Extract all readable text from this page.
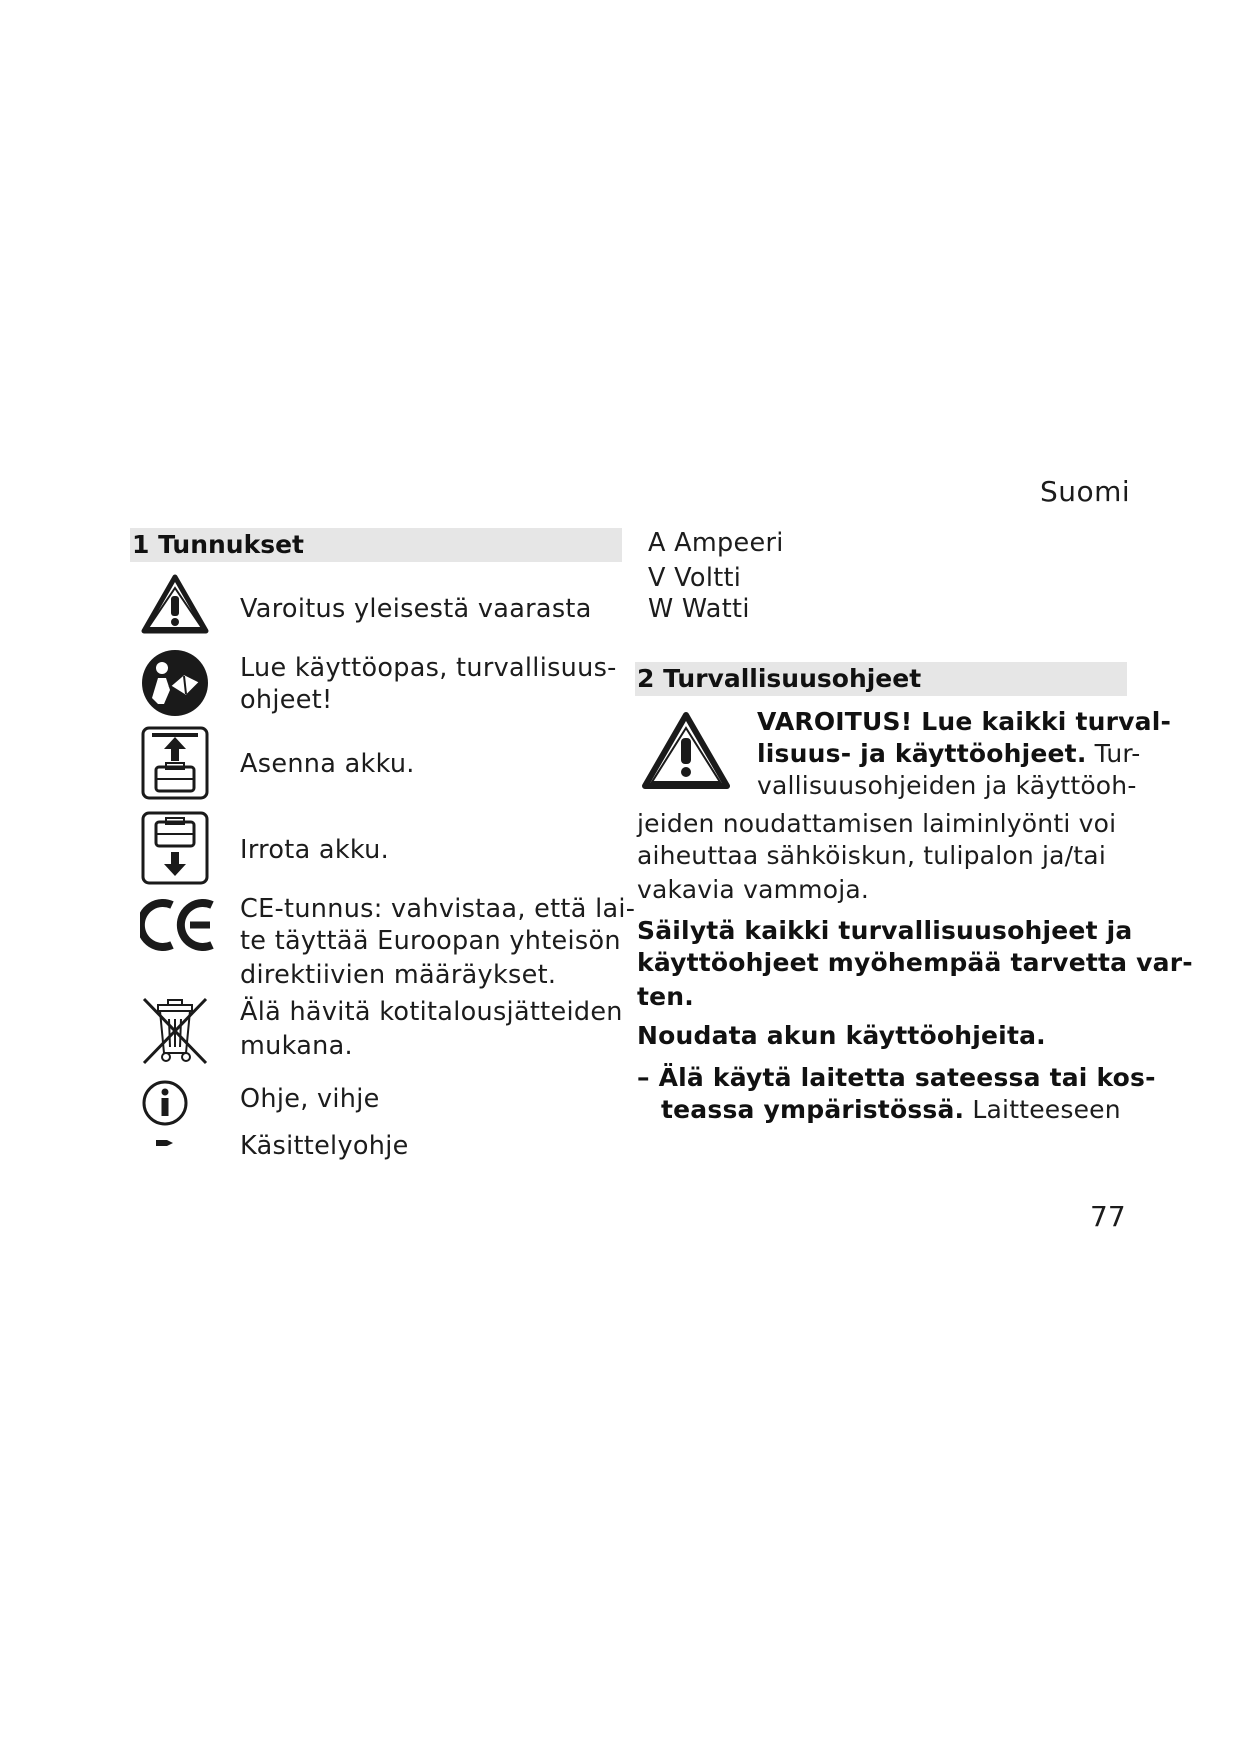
Suomi
1 Tunnukset
Varoitus yleisestä vaarasta
Lue käyttöopas, turvallisuus-
ohjeet!
Asenna akku.
Irrota akku.
CE-tunnus: vahvistaa, että lai-
te täyttää Euroopan yhteisön
direktiivien määräykset.
Älä hävitä kotitalousjätteiden
mukana.
Ohje, vihje
Käsittelyohje
A Ampeeri
V Voltti
W Watti
2 Turvallisuusohjeet
VAROITUS! Lue kaikki turval-
lisuus- ja käyttöohjeet. Tur-
vallisuusohjeiden ja käyttöoh-
jeiden noudattamisen laiminlyönti voi
aiheuttaa sähköiskun, tulipalon ja/tai
vakavia vammoja.
Säilytä kaikki turvallisuusohjeet ja
käyttöohjeet myöhempää tarvetta var-
ten.
Noudata akun käyttöohjeita.
– Älä käytä laitetta sateessa tai kos-
teassa ympäristössä. Laitteeseen
77
